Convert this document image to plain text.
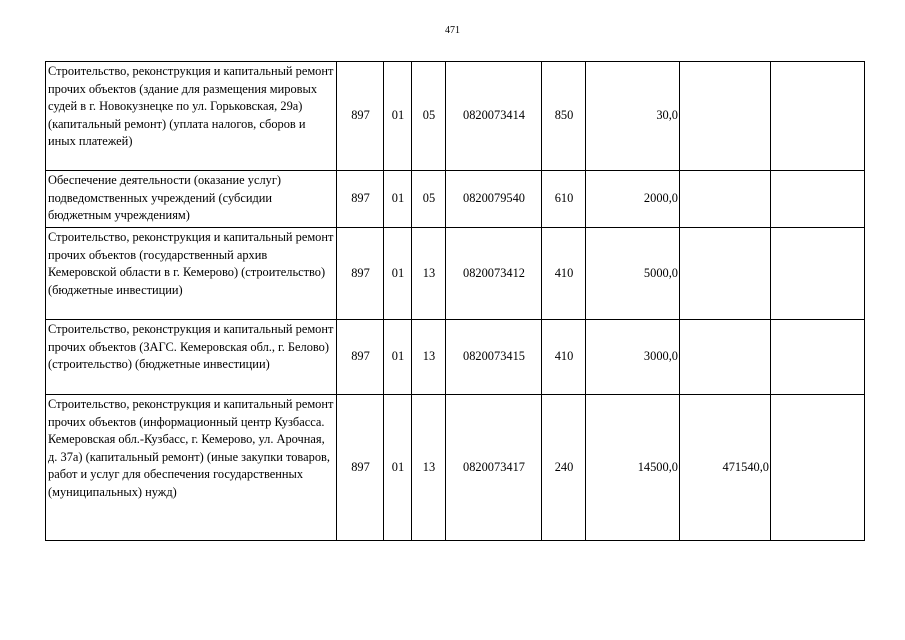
471
Строительство, реконструкция и капитальный ремонт прочих объектов (здание для размещения мировых судей в г. Новокузнецке по ул. Горьковская, 29а) (капитальный ремонт) (уплата налогов, сборов и иных платежей)	897	01	05	0820073414	850	30,0		
Обеспечение деятельности (оказание услуг) подведомственных учреждений (субсидии бюджетным учреждениям)	897	01	05	0820079540	610	2000,0		
Строительство, реконструкция и капитальный ремонт прочих объектов (государственный архив Кемеровской области в г. Кемерово) (строительство) (бюджетные инвестиции)	897	01	13	0820073412	410	5000,0		
Строительство, реконструкция и капитальный ремонт прочих объектов (ЗАГС. Кемеровская обл., г. Белово) (строительство) (бюджетные инвестиции)	897	01	13	0820073415	410	3000,0		
Строительство, реконструкция и капитальный ремонт прочих объектов (информационный центр Кузбасса. Кемеровская обл.-Кузбасс, г. Кемерово, ул. Арочная, д. 37а) (капитальный ремонт) (иные закупки товаров, работ и услуг для обеспечения государственных (муниципальных) нужд)	897	01	13	0820073417	240	14500,0	471540,0	
